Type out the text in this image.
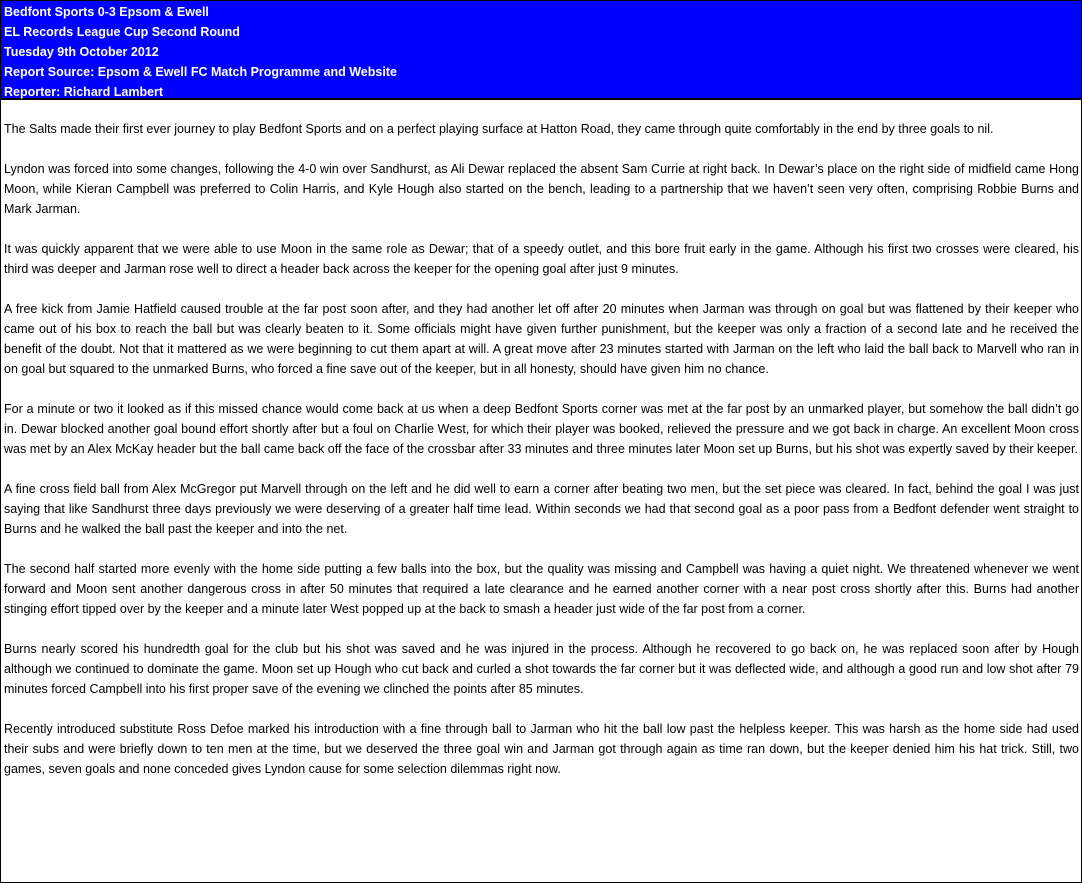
Bedfont Sports 0-3 Epsom & Ewell
EL Records League Cup Second Round
Tuesday 9th October 2012
Report Source: Epsom & Ewell FC Match Programme and Website
Reporter: Richard Lambert

The Salts made their first ever journey to play Bedfont Sports and on a perfect playing surface at Hatton Road, they came through quite comfortably in the end by three goals to nil.

Lyndon was forced into some changes, following the 4-0 win over Sandhurst, as Ali Dewar replaced the absent Sam Currie at right back. In Dewar’s place on the right side of midfield came Hong Moon, while Kieran Campbell was preferred to Colin Harris, and Kyle Hough also started on the bench, leading to a partnership that we haven’t seen very often, comprising Robbie Burns and Mark Jarman.

It was quickly apparent that we were able to use Moon in the same role as Dewar; that of a speedy outlet, and this bore fruit early in the game. Although his first two crosses were cleared, his third was deeper and Jarman rose well to direct a header back across the keeper for the opening goal after just 9 minutes.

A free kick from Jamie Hatfield caused trouble at the far post soon after, and they had another let off after 20 minutes when Jarman was through on goal but was flattened by their keeper who came out of his box to reach the ball but was clearly beaten to it. Some officials might have given further punishment, but the keeper was only a fraction of a second late and he received the benefit of the doubt. Not that it mattered as we were beginning to cut them apart at will. A great move after 23 minutes started with Jarman on the left who laid the ball back to Marvell who ran in on goal but squared to the unmarked Burns, who forced a fine save out of the keeper, but in all honesty, should have given him no chance.

For a minute or two it looked as if this missed chance would come back at us when a deep Bedfont Sports corner was met at the far post by an unmarked player, but somehow the ball didn’t go in. Dewar blocked another goal bound effort shortly after but a foul on Charlie West, for which their player was booked, relieved the pressure and we got back in charge. An excellent Moon cross was met by an Alex McKay header but the ball came back off the face of the crossbar after 33 minutes and three minutes later Moon set up Burns, but his shot was expertly saved by their keeper.

A fine cross field ball from Alex McGregor put Marvell through on the left and he did well to earn a corner after beating two men, but the set piece was cleared. In fact, behind the goal I was just saying that like Sandhurst three days previously we were deserving of a greater half time lead. Within seconds we had that second goal as a poor pass from a Bedfont defender went straight to Burns and he walked the ball past the keeper and into the net.

The second half started more evenly with the home side putting a few balls into the box, but the quality was missing and Campbell was having a quiet night. We threatened whenever we went forward and Moon sent another dangerous cross in after 50 minutes that required a late clearance and he earned another corner with a near post cross shortly after this. Burns had another stinging effort tipped over by the keeper and a minute later West popped up at the back to smash a header just wide of the far post from a corner.

Burns nearly scored his hundredth goal for the club but his shot was saved and he was injured in the process. Although he recovered to go back on, he was replaced soon after by Hough although we continued to dominate the game. Moon set up Hough who cut back and curled a shot towards the far corner but it was deflected wide, and although a good run and low shot after 79 minutes forced Campbell into his first proper save of the evening we clinched the points after 85 minutes.

Recently introduced substitute Ross Defoe marked his introduction with a fine through ball to Jarman who hit the ball low past the helpless keeper. This was harsh as the home side had used their subs and were briefly down to ten men at the time, but we deserved the three goal win and Jarman got through again as time ran down, but the keeper denied him his hat trick. Still, two games, seven goals and none conceded gives Lyndon cause for some selection dilemmas right now.
